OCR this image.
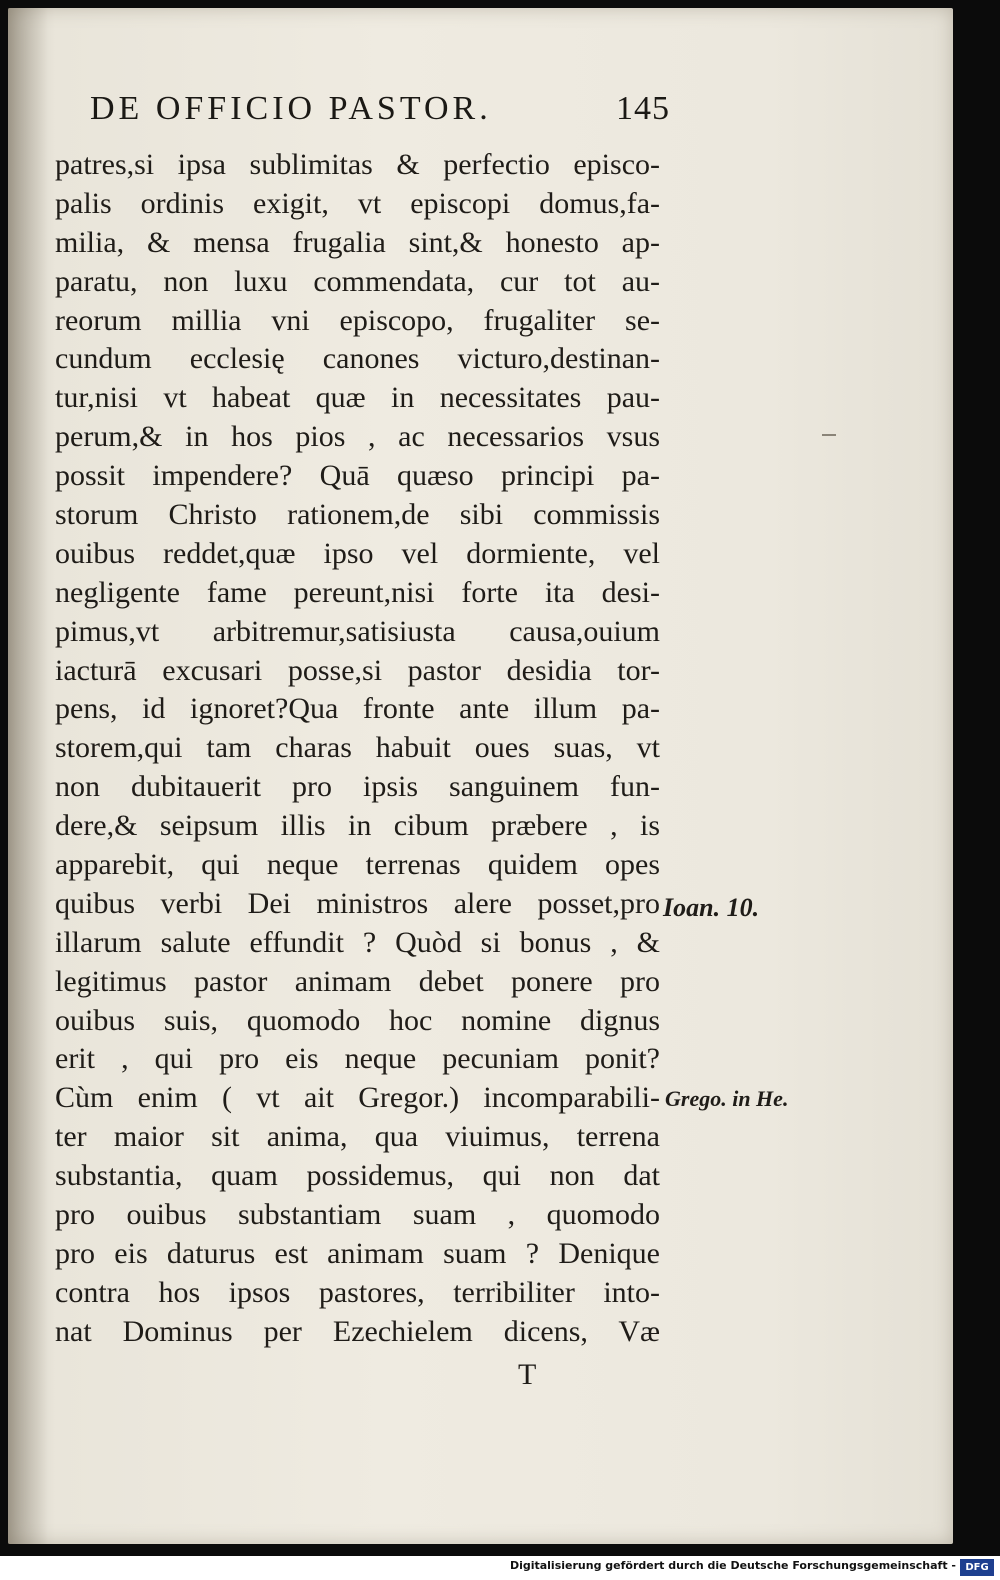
DE OFFICIO PASTOR.	145
patres,si ipsa sublimitas & perfectio episco-
palis ordinis exigit, vt episcopi domus,fa-
milia, & mensa frugalia sint,& honesto ap-
paratu, non luxu commendata, cur tot au-
reorum millia vni episcopo, frugaliter se-
cundum ecclesię canones victuro,destinan-
tur,nisi vt habeat quæ in necessitates pau-
perum,& in hos pios , ac necessarios vsus
possit impendere? Quā quæso principi pa-
storum Christo rationem,de sibi commissis
ouibus reddet,quæ ipso vel dormiente, vel
negligente fame pereunt,nisi forte ita desi-
pimus,vt arbitremur,satisiusta causa,ouium
iacturā excusari posse,si pastor desidia tor-
pens, id ignoret?Qua fronte ante illum pa-
storem,qui tam charas habuit oues suas, vt
non dubitauerit pro ipsis sanguinem fun-
dere,& seipsum illis in cibum præbere , is
apparebit, qui neque terrenas quidem opes
quibus verbi Dei ministros alere posset,pro
illarum salute effundit ? Quòd si bonus , &
legitimus pastor animam debet ponere pro
ouibus suis, quomodo hoc nomine dignus
erit , qui pro eis neque pecuniam ponit?
Cùm enim ( vt ait Gregor.) incomparabili-
ter maior sit anima, qua viuimus, terrena
substantia, quam possidemus, qui non dat
pro ouibus substantiam suam , quomodo
pro eis daturus est animam suam ? Denique
contra hos ipsos pastores, terribiliter into-
nat Dominus per Ezechielem dicens, Væ
Ioan. 10.
Grego. in He.
T
Digitalisierung gefördert durch die Deutsche Forschungsgemeinschaft - DFG
